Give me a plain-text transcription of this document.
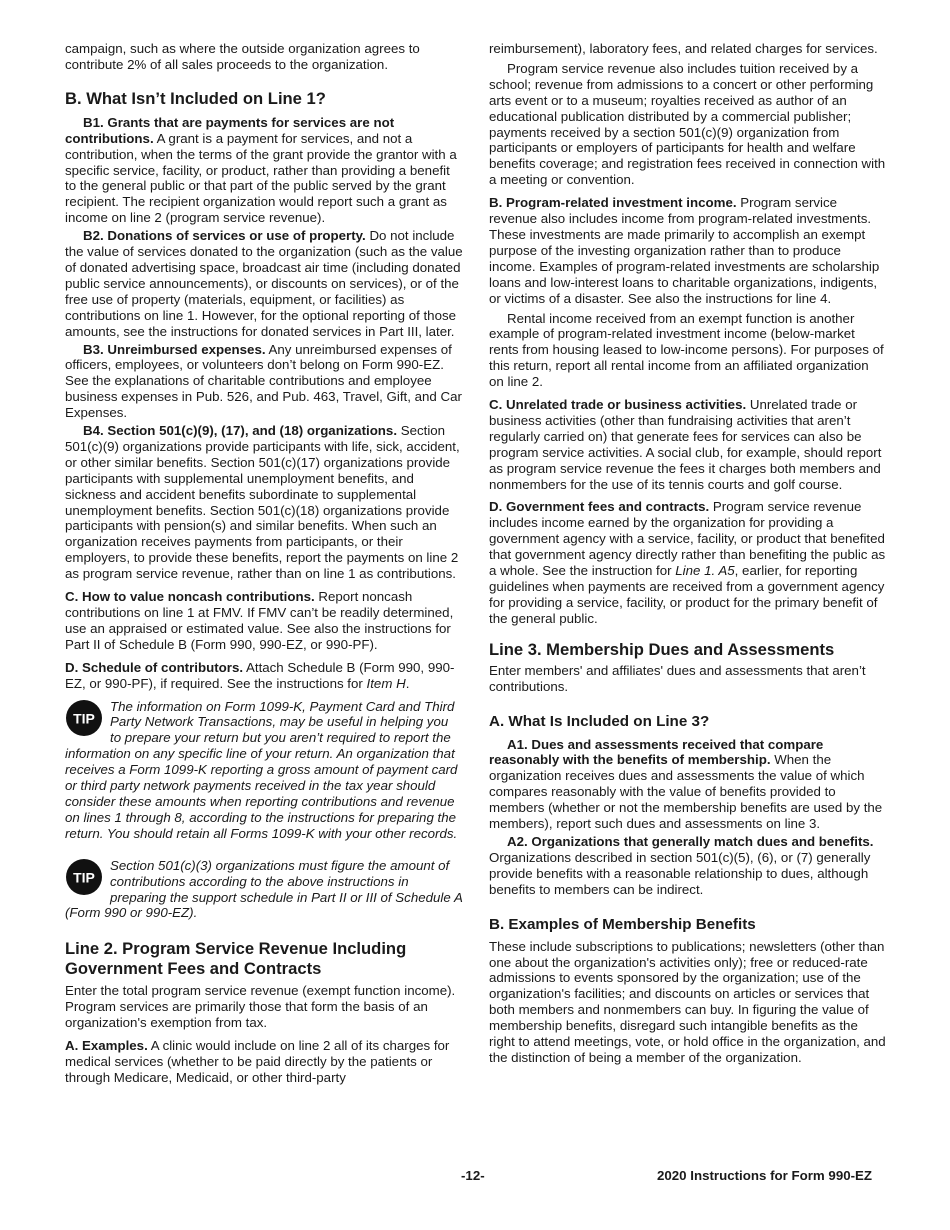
campaign, such as where the outside organization agrees to contribute 2% of all sales proceeds to the organization.

B. What Isn’t Included on Line 1?

B1. Grants that are payments for services are not contributions. A grant is a payment for services, and not a contribution, when the terms of the grant provide the grantor with a specific service, facility, or product, rather than providing a benefit to the general public or that part of the public served by the grant recipient. The recipient organization would report such a grant as income on line 2 (program service revenue).

B2. Donations of services or use of property. Do not include the value of services donated to the organization (such as the value of donated advertising space, broadcast air time (including donated public service announcements), or discounts on services), or of the free use of property (materials, equipment, or facilities) as contributions on line 1. However, for the optional reporting of those amounts, see the instructions for donated services in Part III, later.

B3. Unreimbursed expenses. Any unreimbursed expenses of officers, employees, or volunteers don’t belong on Form 990-EZ. See the explanations of charitable contributions and employee business expenses in Pub. 526, and Pub. 463, Travel, Gift, and Car Expenses.

B4. Section 501(c)(9), (17), and (18) organizations. Section 501(c)(9) organizations provide participants with life, sick, accident, or other similar benefits. Section 501(c)(17) organizations provide participants with supplemental unemployment benefits, and sickness and accident benefits subordinate to supplemental unemployment benefits. Section 501(c)(18) organizations provide participants with pension(s) and similar benefits. When such an organization receives payments from participants, or their employers, to provide these benefits, report the payments on line 2 as program service revenue, rather than on line 1 as contributions.

C. How to value noncash contributions. Report noncash contributions on line 1 at FMV. If FMV can’t be readily determined, use an appraised or estimated value. See also the instructions for Part II of Schedule B (Form 990, 990-EZ, or 990-PF).

D. Schedule of contributors. Attach Schedule B (Form 990, 990-EZ, or 990-PF), if required. See the instructions for Item H.

TIP

The information on Form 1099-K, Payment Card and Third Party Network Transactions, may be useful in helping you to prepare your return but you aren’t required to report the information on any specific line of your return. An organization that receives a Form 1099-K reporting a gross amount of payment card or third party network payments received in the tax year should consider these amounts when reporting contributions and revenue on lines 1 through 8, according to the instructions for preparing the return. You should retain all Forms 1099-K with your other records.

TIP

Section 501(c)(3) organizations must figure the amount of contributions according to the above instructions in preparing the support schedule in Part II or III of Schedule A (Form 990 or 990-EZ).

Line 2. Program Service Revenue Including Government Fees and Contracts

Enter the total program service revenue (exempt function income). Program services are primarily those that form the basis of an organization's exemption from tax.

A. Examples. A clinic would include on line 2 all of its charges for medical services (whether to be paid directly by the patients or through Medicare, Medicaid, or other third-party

reimbursement), laboratory fees, and related charges for services.

Program service revenue also includes tuition received by a school; revenue from admissions to a concert or other performing arts event or to a museum; royalties received as author of an educational publication distributed by a commercial publisher; payments received by a section 501(c)(9) organization from participants or employers of participants for health and welfare benefits coverage; and registration fees received in connection with a meeting or convention.

B. Program-related investment income. Program service revenue also includes income from program-related investments. These investments are made primarily to accomplish an exempt purpose of the investing organization rather than to produce income. Examples of program-related investments are scholarship loans and low-interest loans to charitable organizations, indigents, or victims of a disaster. See also the instructions for line 4.

Rental income received from an exempt function is another example of program-related investment income (below-market rents from housing leased to low-income persons). For purposes of this return, report all rental income from an affiliated organization on line 2.

C. Unrelated trade or business activities. Unrelated trade or business activities (other than fundraising activities that aren’t regularly carried on) that generate fees for services can also be program service activities. A social club, for example, should report as program service revenue the fees it charges both members and nonmembers for the use of its tennis courts and golf course.

D. Government fees and contracts. Program service revenue includes income earned by the organization for providing a government agency with a service, facility, or product that benefited that government agency directly rather than benefiting the public as a whole. See the instruction for Line 1. A5, earlier, for reporting guidelines when payments are received from a government agency for providing a service, facility, or product for the primary benefit of the general public.

Line 3. Membership Dues and Assessments

Enter members' and affiliates' dues and assessments that aren’t contributions.

A. What Is Included on Line 3?

A1. Dues and assessments received that compare reasonably with the benefits of membership. When the organization receives dues and assessments the value of which compares reasonably with the value of benefits provided to members (whether or not the membership benefits are used by the members), report such dues and assessments on line 3.

A2. Organizations that generally match dues and benefits. Organizations described in section 501(c)(5), (6), or (7) generally provide benefits with a reasonable relationship to dues, although benefits to members can be indirect.

B. Examples of Membership Benefits

These include subscriptions to publications; newsletters (other than one about the organization's activities only); free or reduced-rate admissions to events sponsored by the organization; use of the organization's facilities; and discounts on articles or services that both members and nonmembers can buy. In figuring the value of membership benefits, disregard such intangible benefits as the right to attend meetings, vote, or hold office in the organization, and the distinction of being a member of the organization.

-12-	2020 Instructions for Form 990-EZ
